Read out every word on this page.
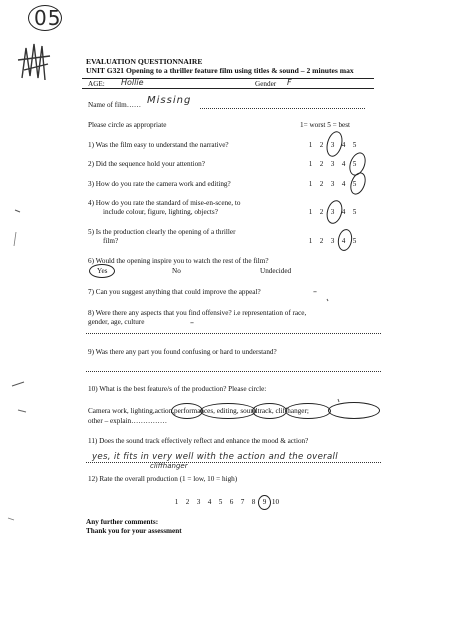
05
EVALUATION QUESTIONNAIRE
UNIT G321 Opening to a thriller feature film using titles & sound – 2 minutes max
AGE: Hollie	Gender F
Name of film…… Missing
Please circle as appropriate	1= worst 5 = best
1) Was the film easy to understand the narrative?	1 2 3 4 5
2) Did the sequence hold your attention?	1 2 3 4 5
3) How do you rate the camera work and editing?	1 2 3 4 5
4) How do you rate the standard of mise-en-scene, to
include colour, figure, lighting, objects?	1 2 3 4 5
5) Is the production clearly the opening of a thriller
film?	1 2 3 4 5
6) Would the opening inspire you to watch the rest of the film?
Yes	No	Undecided
7) Can you suggest anything that could improve the appeal?	–
8) Were there any aspects that you find offensive? i.e representation of race,
gender, age, culture	–
9) Was there any part you found confusing or hard to understand?
10) What is the best feature/s of the production? Please circle:
Camera work, lighting,action,performances, editing, soundtrack, cliffhanger;
other – explain……………
11) Does the sound track effectively reflect and enhance the mood & action?
yes, it fits in very well with the action and the overall
cliffhanger
12) Rate the overall production (1 = low, 10 = high)
1 2 3 4 5 6 7 8 9 10
Any further comments:
Thank you for your assessment
